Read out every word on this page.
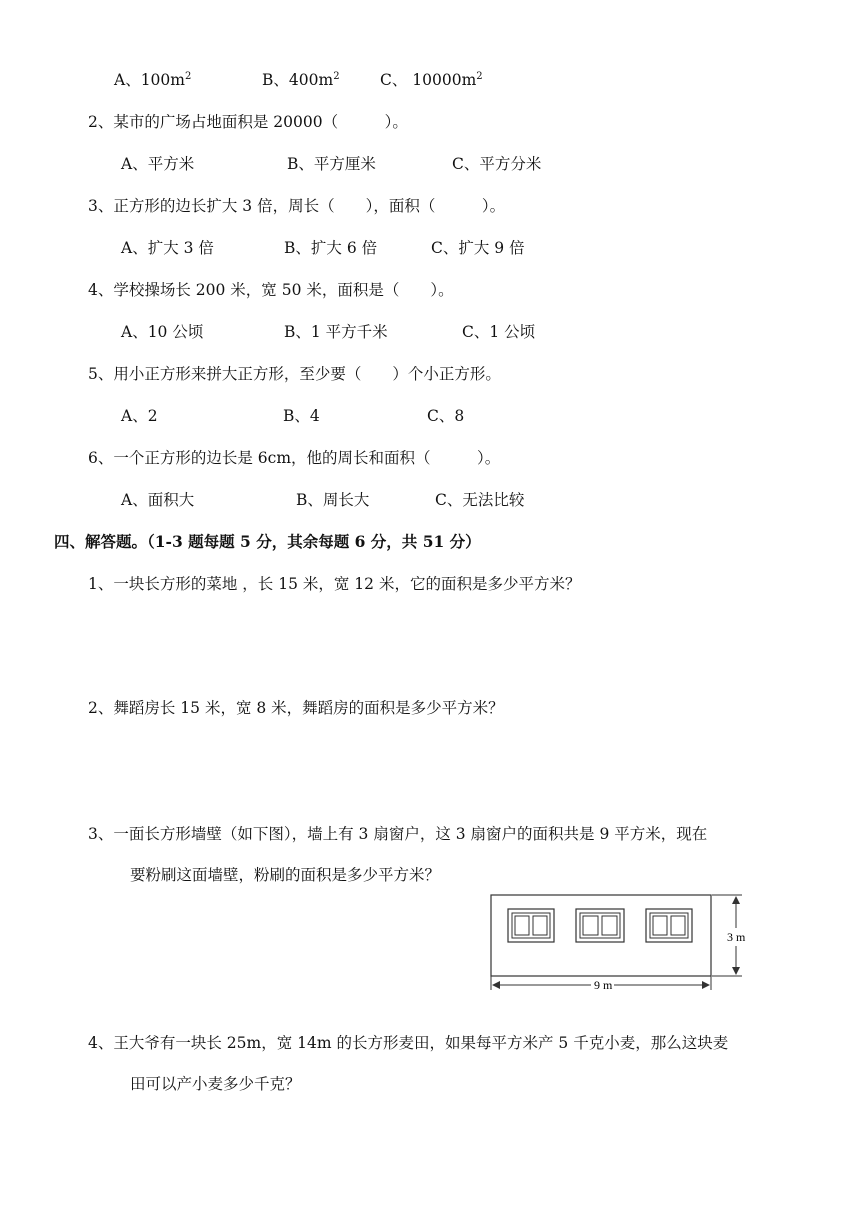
A、$100m^2$	B、$400m^2$	C、 $10000m^2$
2、某市的广场占地面积是 20000（　　　）。
A、平方米	B、平方厘米	C、平方分米
3、正方形的边长扩大 3 倍，周长（　　），面积（　　　）。
A、扩大 3 倍	B、扩大 6 倍	C、扩大 9 倍
4、学校操场长 200 米，宽 50 米，面积是（　　）。
A、10 公顷	B、1 平方千米	C、1 公顷
5、用小正方形来拼大正方形，至少要（　　）个小正方形。
A、2	B、4	C、8
6、一个正方形的边长是 6cm，他的周长和面积（　　　）。
A、面积大	B、周长大	C、无法比较
四、解答题。（1-3 题每题 5 分，其余每题 6 分，共 51 分）
1、一块长方形的菜地 ，长 15 米，宽 12 米，它的面积是多少平方米？
2、舞蹈房长 15 米，宽 8 米，舞蹈房的面积是多少平方米？
3、一面长方形墙壁（如下图），墙上有 3 扇窗户，这 3 扇窗户的面积共是 9 平方米，现在
要粉刷这面墙壁，粉刷的面积是多少平方米？
3 m
9 m
4、王大爷有一块长 25m，宽 14m 的长方形麦田，如果每平方米产 5 千克小麦，那么这块麦
田可以产小麦多少千克？
